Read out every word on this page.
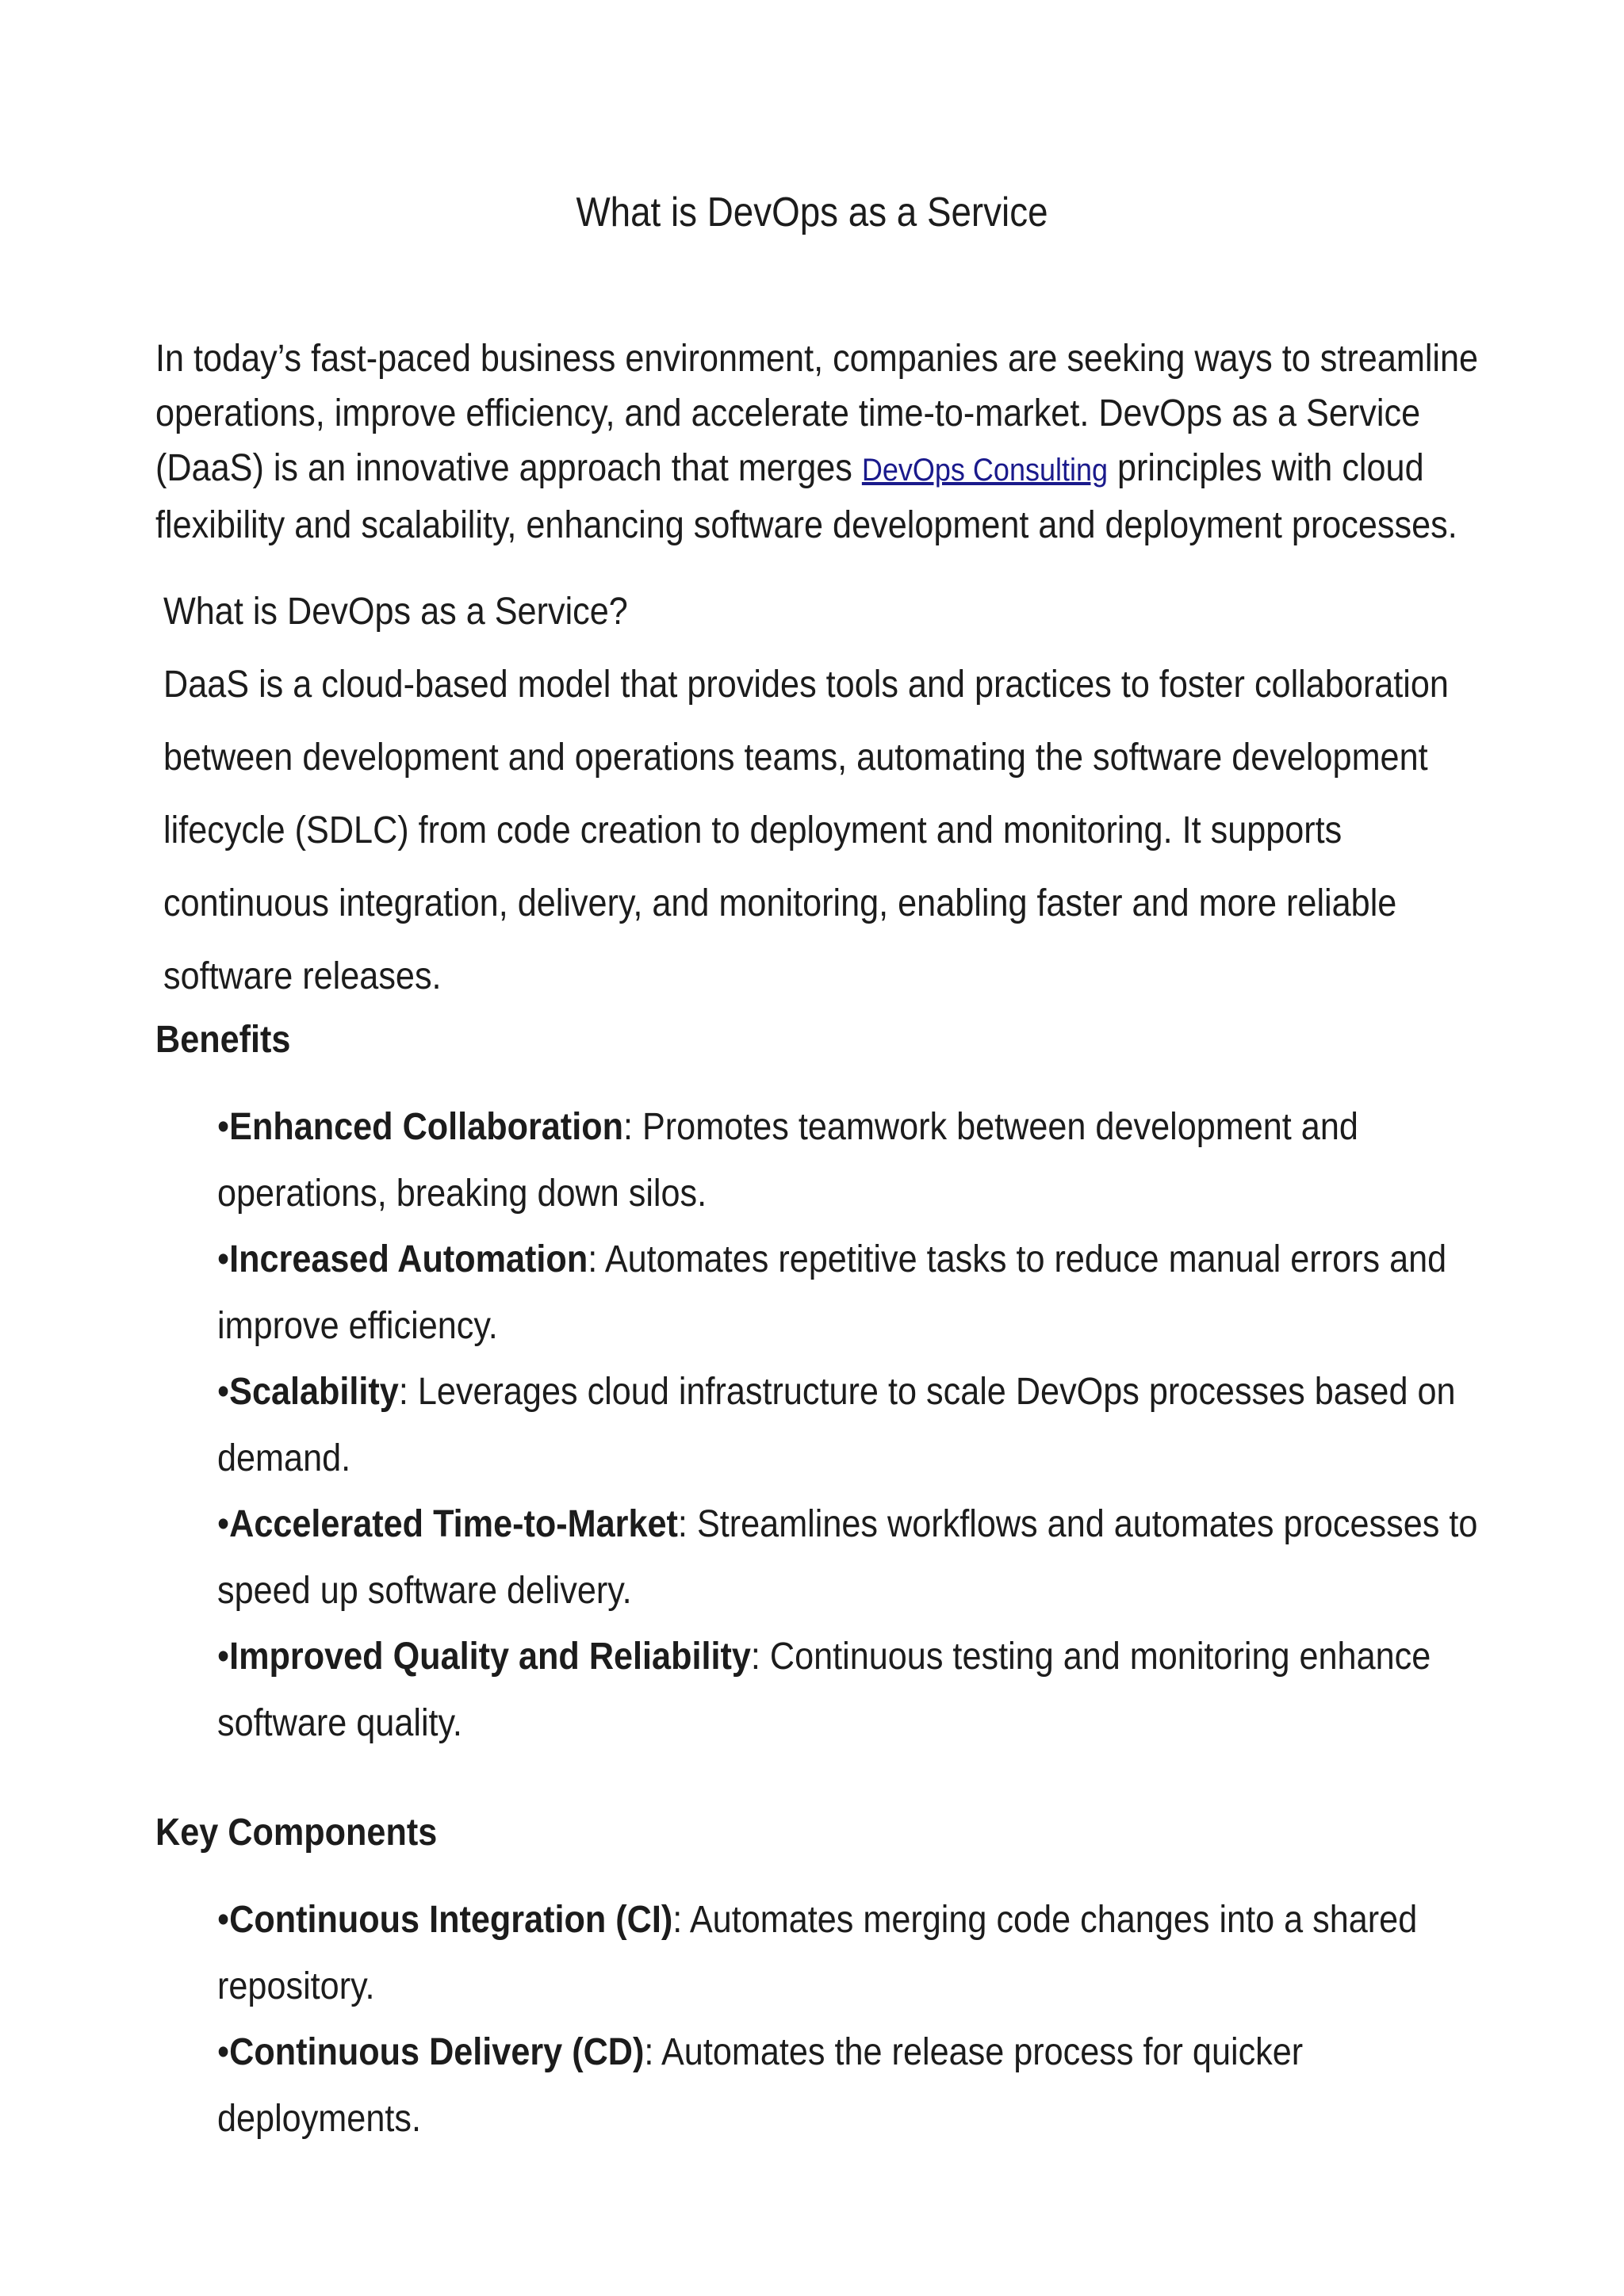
What is DevOps as a Service
In today’s fast-paced business environment, companies are seeking ways to streamline
operations, improve efficiency, and accelerate time-to-market. DevOps as a Service
(DaaS) is an innovative approach that merges DevOps Consulting principles with cloud
flexibility and scalability, enhancing software development and deployment processes.
What is DevOps as a Service?
DaaS is a cloud-based model that provides tools and practices to foster collaboration
between development and operations teams, automating the software development
lifecycle (SDLC) from code creation to deployment and monitoring. It supports
continuous integration, delivery, and monitoring, enabling faster and more reliable
software releases.
Benefits
•Enhanced Collaboration: Promotes teamwork between development and
operations, breaking down silos.
•Increased Automation: Automates repetitive tasks to reduce manual errors and
improve efficiency.
•Scalability: Leverages cloud infrastructure to scale DevOps processes based on
demand.
•Accelerated Time-to-Market: Streamlines workflows and automates processes to
speed up software delivery.
•Improved Quality and Reliability: Continuous testing and monitoring enhance
software quality.
Key Components
•Continuous Integration (CI): Automates merging code changes into a shared
repository.
•Continuous Delivery (CD): Automates the release process for quicker
deployments.
